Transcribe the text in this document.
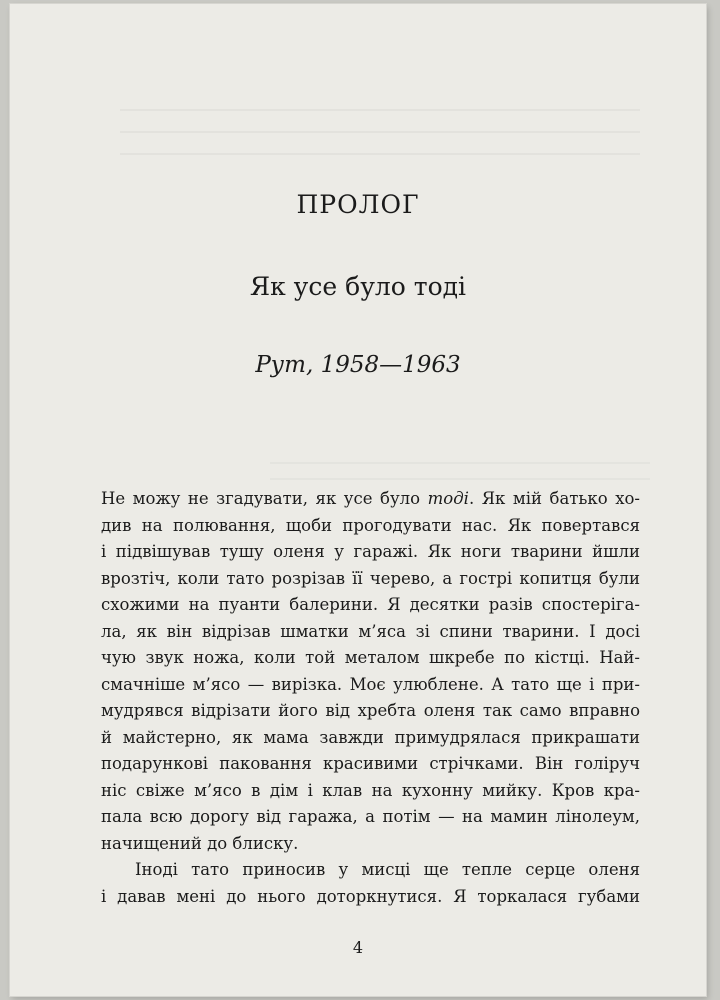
ПРОЛОГ
Як усе було тоді

Рут, 1958—1963

Не можу не згадувати, як усе було тоді. Як мій батько хо-
див на полювання, щоби прогодувати нас. Як повертався
і підвішував тушу оленя у гаражі. Як ноги тварини йшли
врозтіч, коли тато розрізав її черево, а гострі копитця були
схожими на пуанти балерини. Я десятки разів спостеріга-
ла, як він відрізав шматки м’яса зі спини тварини. І досі
чую звук ножа, коли той металом шкребе по кістці. Най-
смачніше м’ясо — вирізка. Моє улюблене. А тато ще і при-
мудрявся відрізати його від хребта оленя так само вправно
й майстерно, як мама завжди примудрялася прикрашати
подарункові паковання красивими стрічками. Він голіруч
ніс свіже м’ясо в дім і клав на кухонну мийку. Кров кра-
пала всю дорогу від гаража, а потім — на мамин лінолеум,
начищений до блиску.
Іноді тато приносив у мисці ще тепле серце оленя
і давав мені до нього доторкнутися. Я торкалася губами
4
